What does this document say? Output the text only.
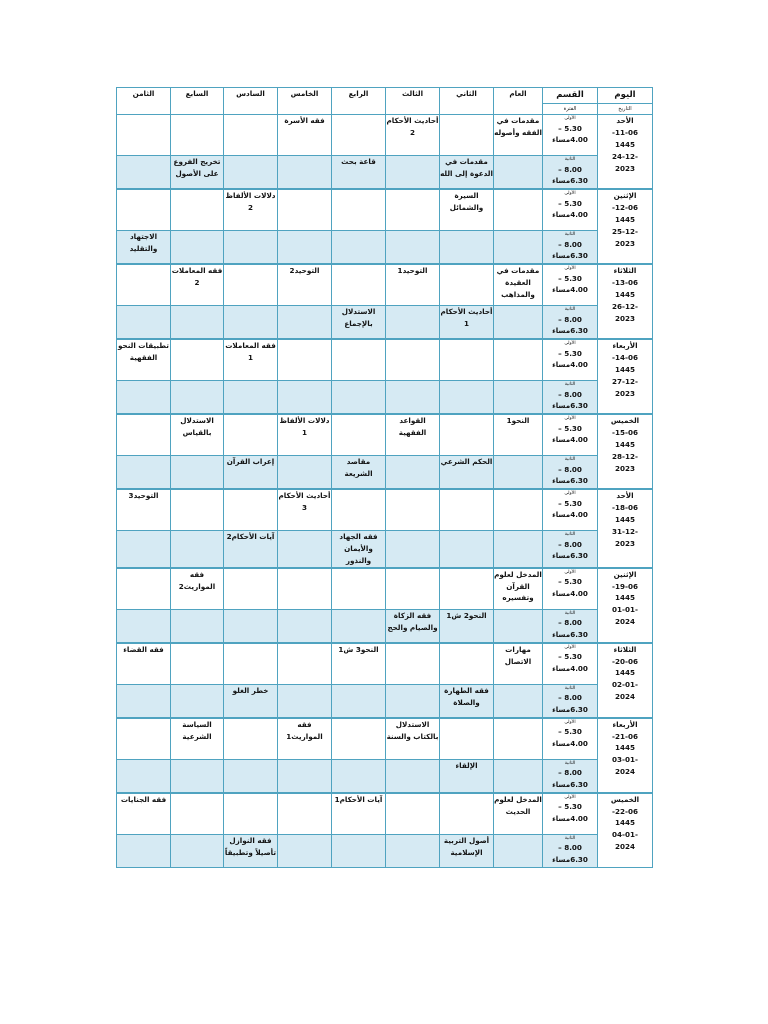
اليوم
التاريخ	القسم
الفترة	العام	الثاني	الثالث	الرابع	الخامس	السادس	السابع	الثامن

الأحد
11-06-
1445
-24-12
2023	الأولى
5.30 –4.00مساء	مقدمات في الفقه وأصوله		أحاديث الأحكام 2		فقه الأسرة			

	الثانية
8.00 – 6.30مساء		مقدمات في الدعوة إلى الله		قاعة بحث			تخريج الفروع على الأصول	

الإثنين
12-06-
1445
-25-12
2023	الأولى
5.30 –4.00مساء		السيرة والشمائل				دلالات الألفاظ 2		

	الثانية
8.00 – 6.30مساء								الاجتهاد والتقليد

الثلاثاء
13-06-
1445
-26-12
2023	الأولى
5.30 –4.00مساء	مقدمات في العقيدة والمذاهب		التوحيد1		التوحيد2		فقه المعاملات 2	

	الثانية
8.00 – 6.30مساء		أحاديث الأحكام 1		الاستدلال بالإجماع				

الأربعاء
14-06-
1445
-27-12
2023	الأولى
5.30 –4.00مساء						فقه المعاملات 1		تطبيقات النحو الفقهية

	الثانية
8.00 – 6.30مساء								

الخميس
15-06-
1445
-28-12
2023	الأولى
5.30 –4.00مساء	النحو1		القواعد الفقهية		دلالات الألفاظ 1		الاستدلال بالقياس	

	الثانية
8.00 – 6.30مساء		الحكم الشرعي		مقاصد الشريعة		إعراب القرآن		

الأحد
18-06-
1445
-31-12
2023	الأولى
5.30 –4.00مساء					أحاديث الأحكام 3			التوحيد3

	الثانية
8.00 – 6.30مساء				فقه الجهاد والأيمان والنذور		آيات الأحكام2		

الإثنين
19-06-
1445
-01-01
2024	الأولى
5.30 –4.00مساء	المدخل لعلوم القرآن وتفسيره						فقه المواريث2	

	الثانية
8.00 – 6.30مساء		النحو2 ش1	فقه الزكاة والصيام والحج					

الثلاثاء
20-06-
1445
-02-01
2024	الأولى
5.30 –4.00مساء	مهارات الاتصال			النحو3 ش1				فقه القضاء

	الثانية
8.00 – 6.30مساء		فقه الطهارة والصلاة				خطر الغلو		

الأربعاء
21-06-
1445
-03-01
2024	الأولى
5.30 –4.00مساء			الاستدلال بالكتاب والسنة		فقه المواريث1		السياسة الشرعية	

	الثانية
8.00 – 6.30مساء		الإلقاء						

الخميس
22-06-
1445
-04-01
2024	الأولى
5.30 –4.00مساء	المدخل لعلوم الحديث			آيات الأحكام1				فقه الجنايات

	الثانية
8.00 – 6.30مساء		أصول التربية الإسلامية				فقه النوازل تأصيلاً وتطبيقاً		
